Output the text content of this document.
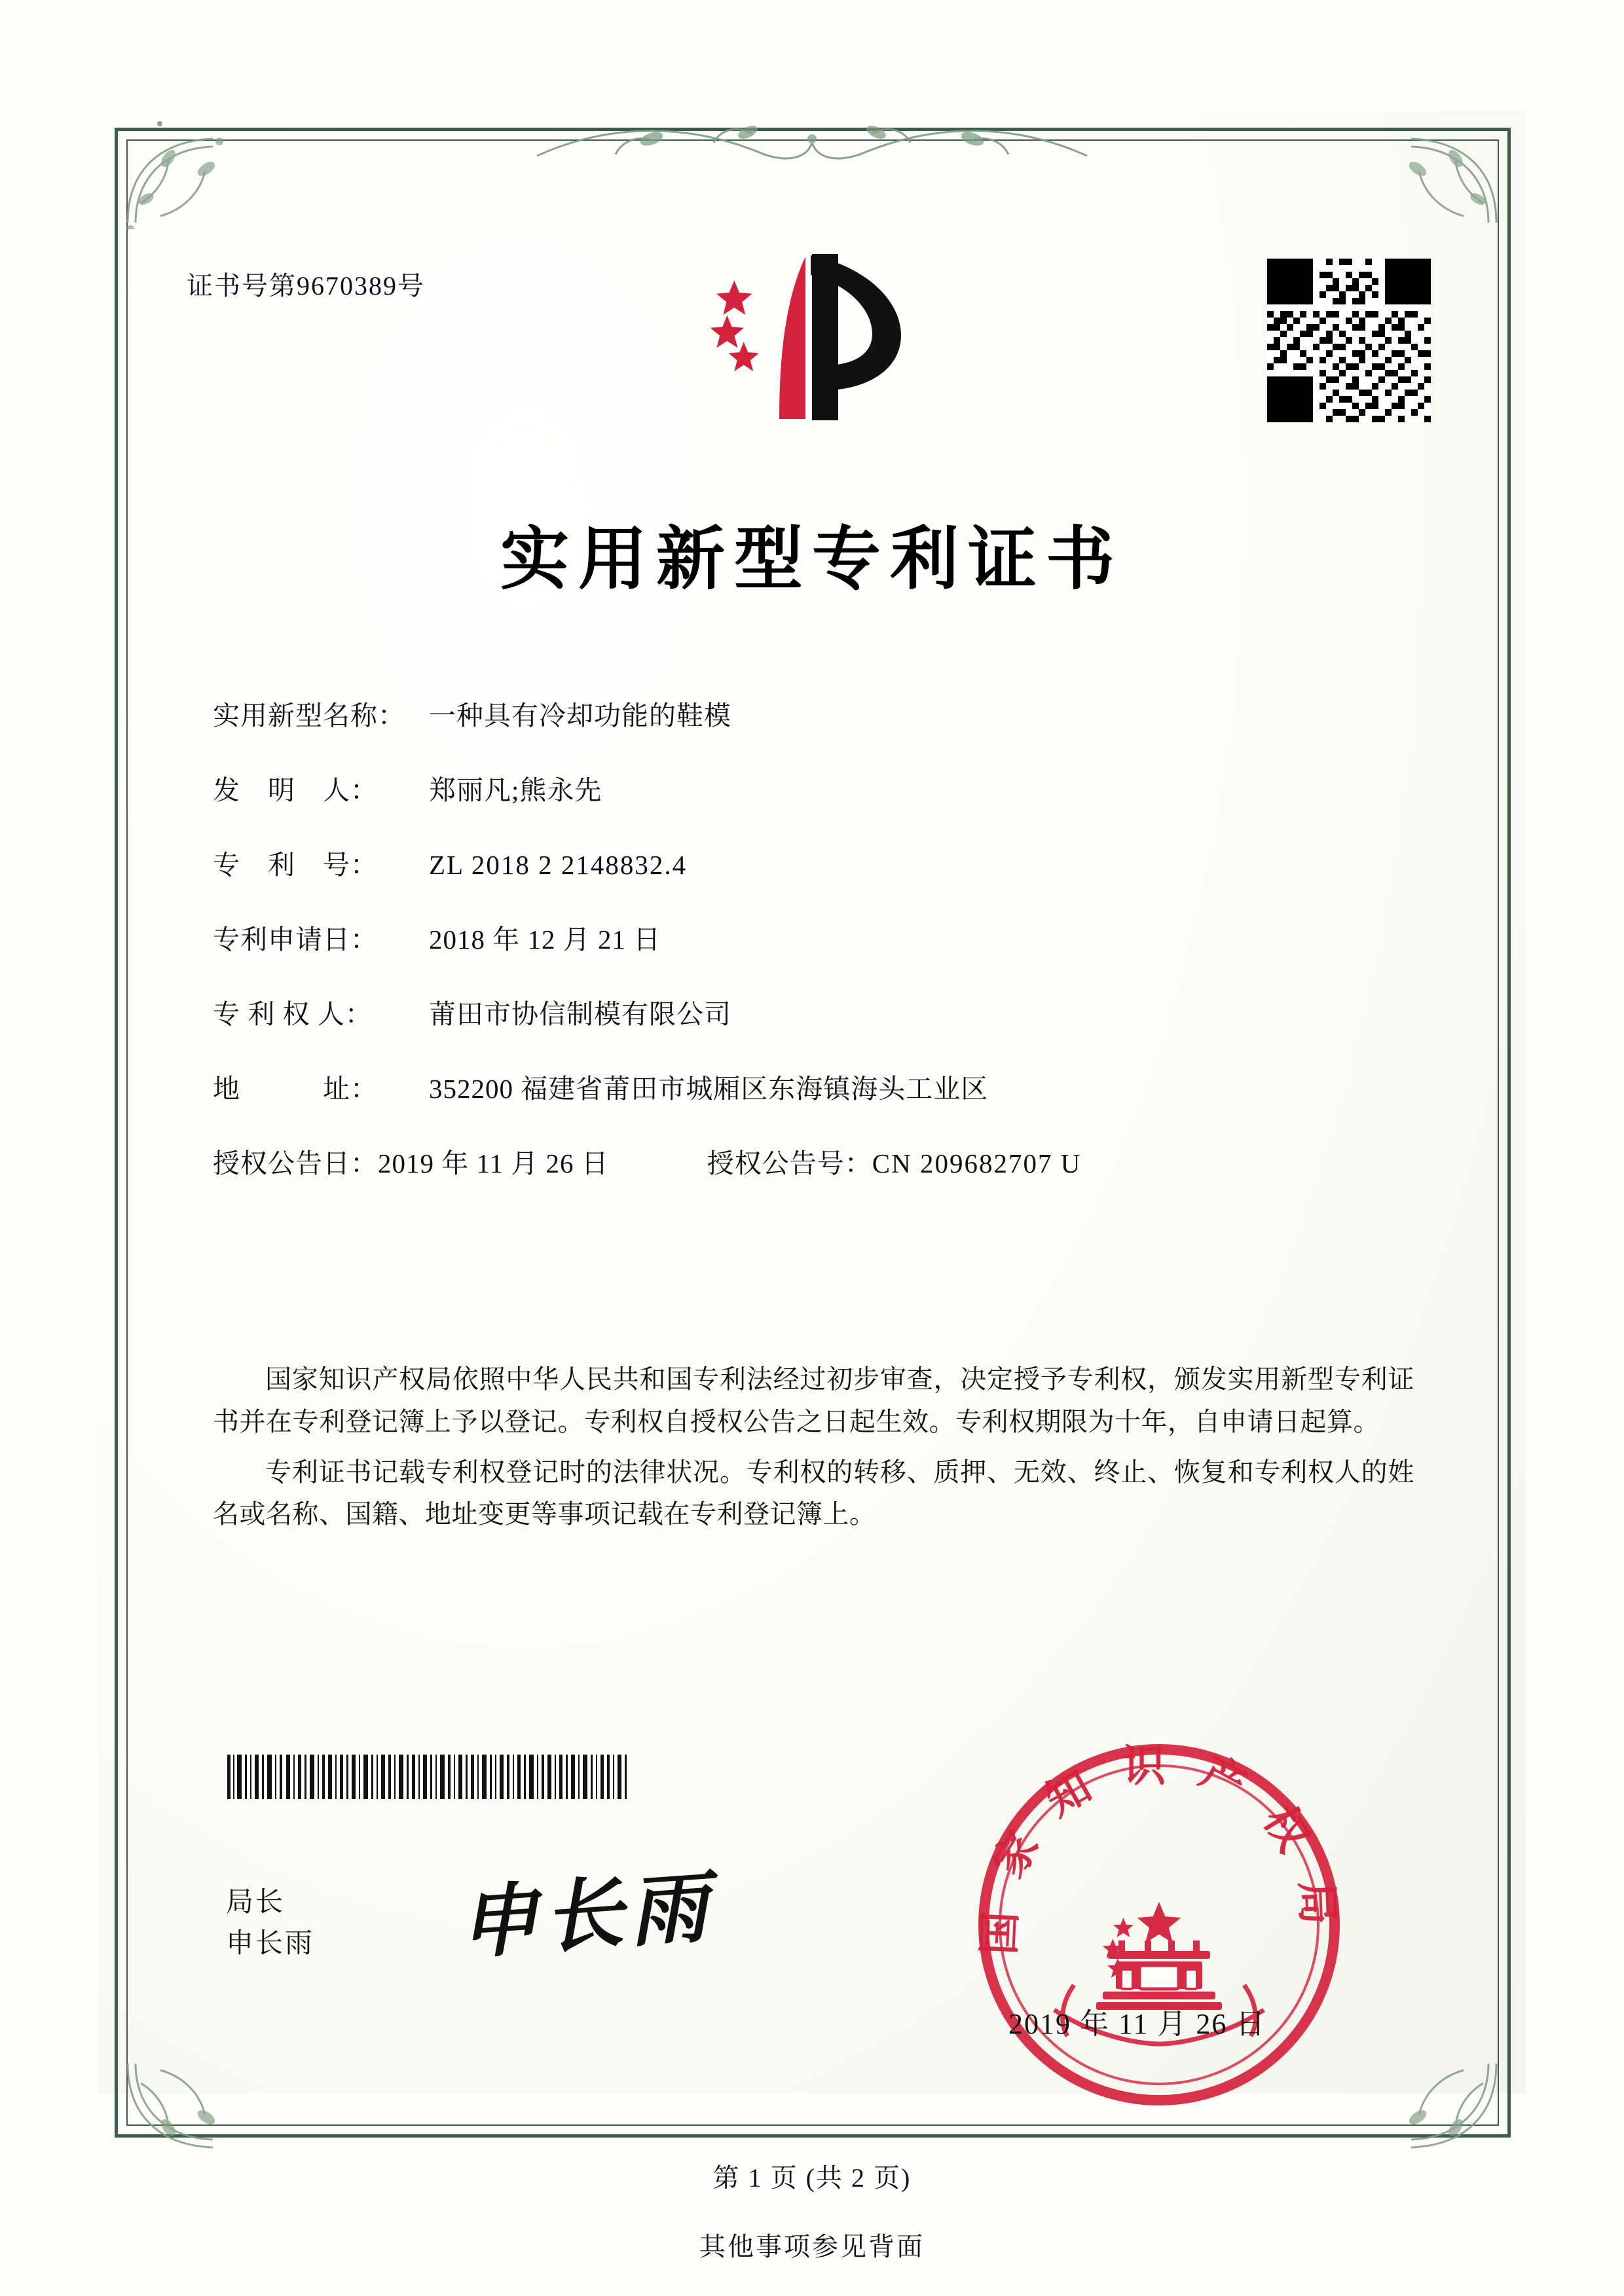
证书号第9670389号
实用新型专利证书
实用新型名称： 一种具有冷却功能的鞋模
发　明　人：	郑丽凡;熊永先
专　利　号：	ZL 2018 2 2148832.4
专利申请日：	2018 年 12 月 21 日
专 利 权 人：	莆田市协信制模有限公司
地　　　址：	352200 福建省莆田市城厢区东海镇海头工业区
授权公告日： 2019 年 11 月 26 日	授权公告号： CN 209682707 U

国家知识产权局依照中华人民共和国专利法经过初步审查，决定授予专利权，颁发实用新型专利证书并在专利登记簿上予以登记。专利权自授权公告之日起生效。专利权期限为十年，自申请日起算。

专利证书记载专利权登记时的法律状况。专利权的转移、质押、无效、终止、恢复和专利权人的姓名或名称、国籍、地址变更等事项记载在专利登记簿上。

局长
申长雨 申长雨	国家知识产权局
2019 年 11 月 26 日
第 1 页 (共 2 页)
其他事项参见背面
